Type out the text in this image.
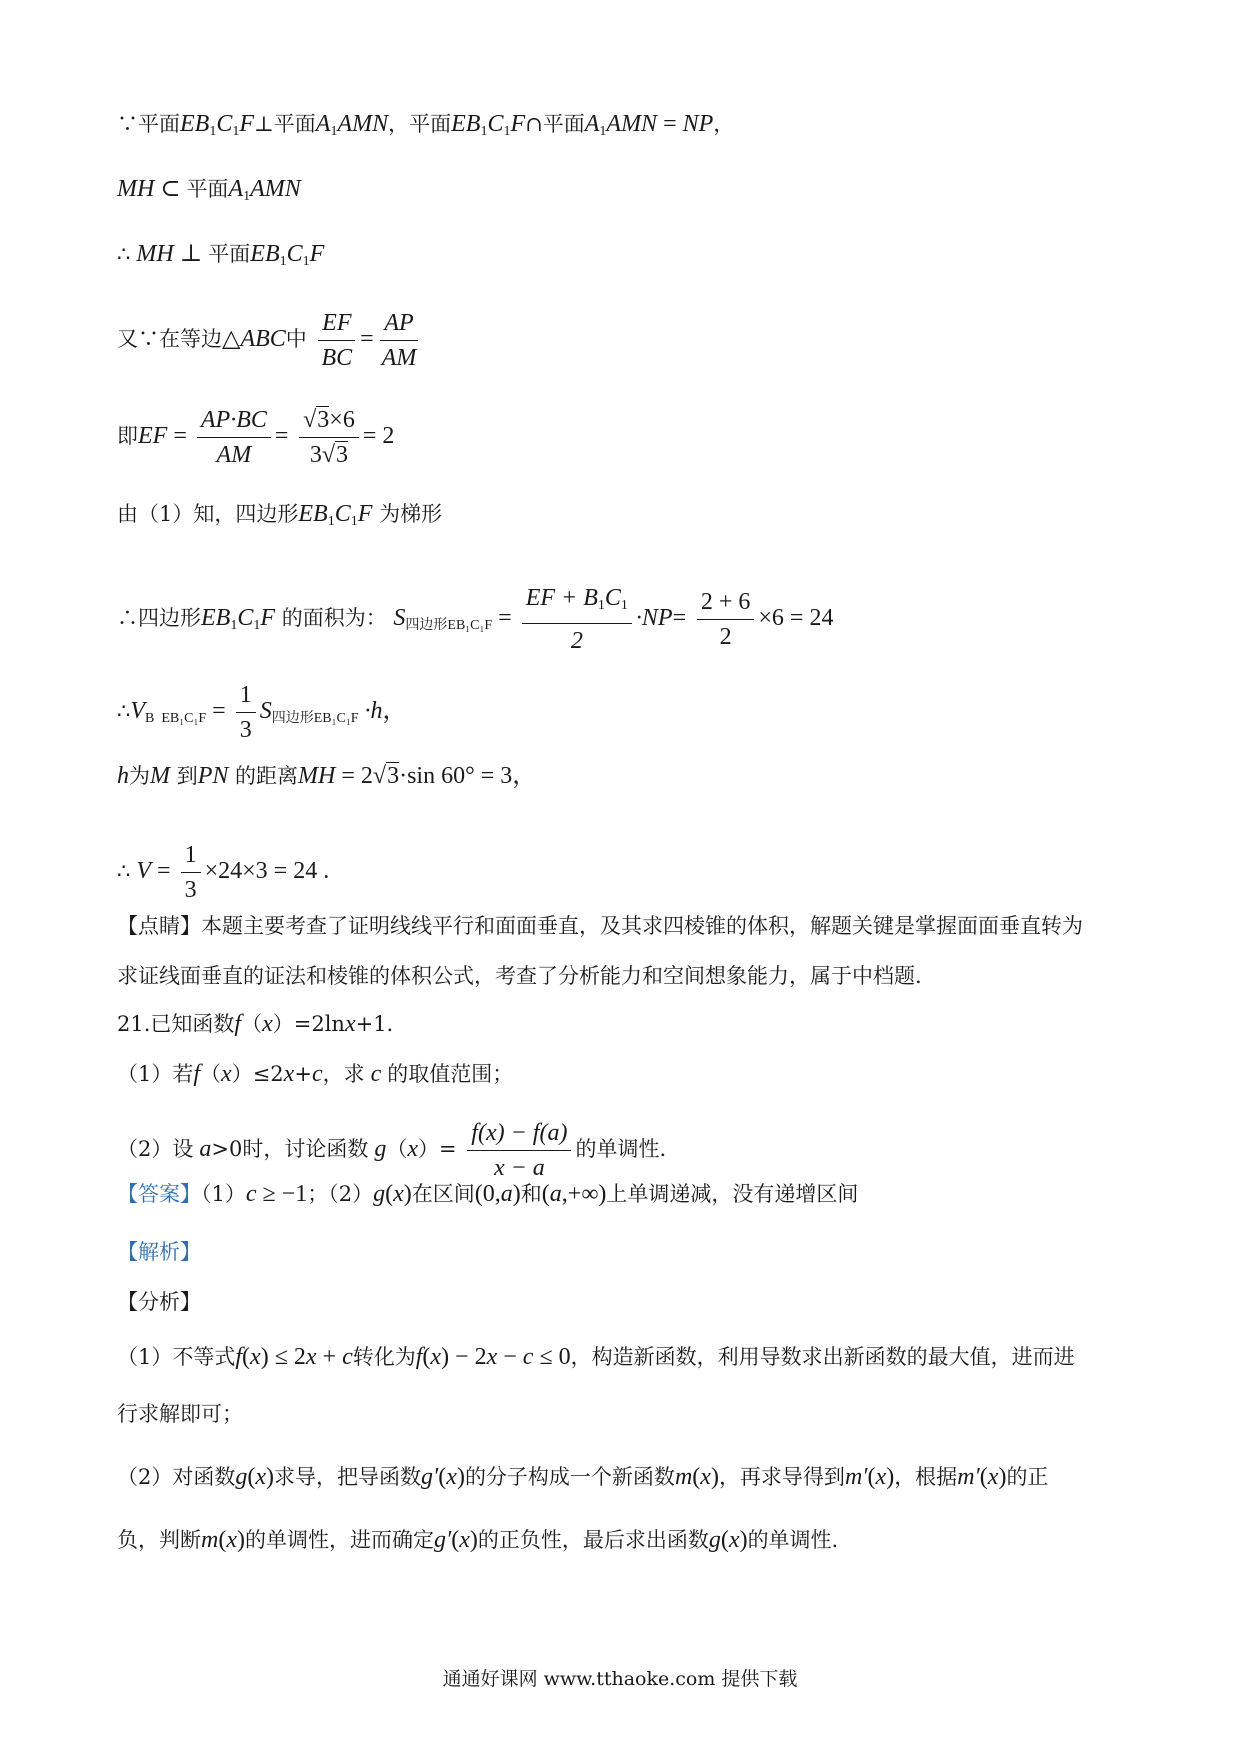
∵平面$EB_1C_1F\perp$平面$A_1AMN$，平面$EB_1C_1F\cap$平面$A_1AMN$ = NP，
MH ⊂ 平面$A_1AMN$
∴ MH ⊥ 平面$EB_1C_1F$
又∵在等边△ABC中 $\frac{EF}{BC} = \frac{AP}{AM}$
即EF = $\frac{AP\cdot BC}{AM} = \frac{√3\times 6}{3√3} = 2$
由（1）知，四边形$EB_1C_1F$ 为梯形
∴四边形$EB_1C_1F$ 的面积为： $S_{四边形EB_1C_1F} = \frac{EF + B_1C_1}{2} \cdot NP= \frac{2 + 6}{2} \times 6 = 24$
$\therefore V_{B EB_1C_1F} = \frac{1}{3} S_{四边形EB_1C_1F} \cdot h$，
h为M 到PN 的距离MH = 2√3·sin 60° = 3，
∴ $V = \frac{1}{3} \times 24\times 3 = 24$ .
【点睛】本题主要考查了证明线线平行和面面垂直，及其求四棱锥的体积，解题关键是掌握面面垂直转为
求证线面垂直的证法和棱锥的体积公式，考查了分析能力和空间想象能力，属于中档题.
21.已知函数f（x）=2lnx+1.
（1）若f（x）≤2x+c，求 c 的取值范围；
（2）设 a>0时，讨论函数 $g(x)= \frac{f(x) - f(a)}{x - a}$ 的单调性.
【答案】（1）c ≥ −1；（2）g(x)在区间(0,a)和(a,+∞)上单调递减，没有递增区间
【解析】
【分析】
（1）不等式f(x) ≤ 2x + c转化为f(x) − 2x − c ≤ 0，构造新函数，利用导数求出新函数的最大值，进而进
行求解即可；
（2）对函数g(x)求导，把导函数g′(x)的分子构成一个新函数m(x)，再求导得到m′(x)，根据m′(x)的正
负，判断m(x)的单调性，进而确定g′(x)的正负性，最后求出函数g(x)的单调性.
通通好课网 www.tthaoke.com 提供下载
